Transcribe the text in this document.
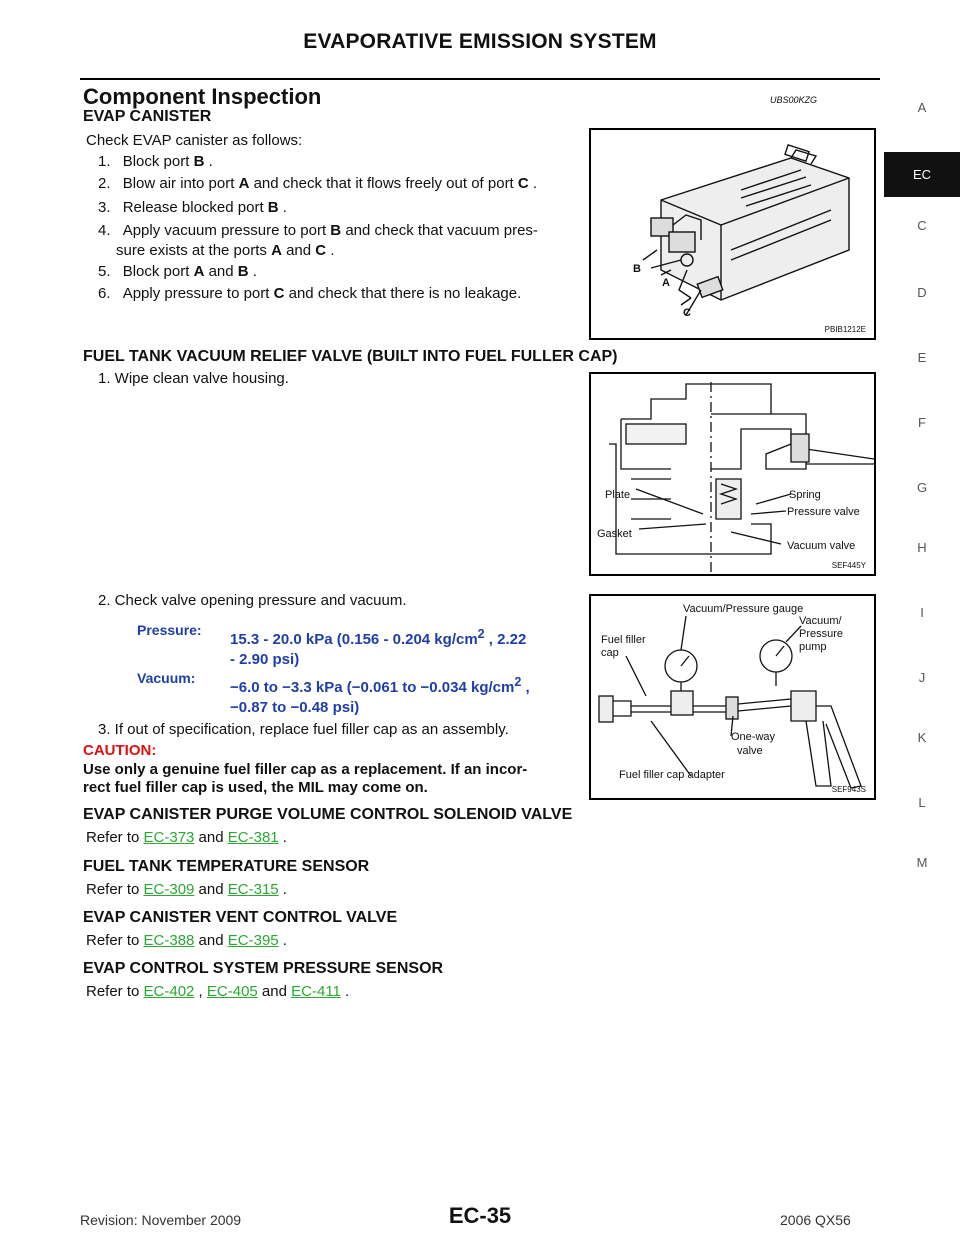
EVAPORATIVE EMISSION SYSTEM
Component Inspection	UBS00KZG
EVAP CANISTER
Check EVAP canister as follows:
1. Block port B .
2. Blow air into port A and check that it flows freely out of port C .
3. Release blocked port B .
4. Apply vacuum pressure to port B and check that vacuum pres-
5. Block port A and B .
6. Apply pressure to port C and check that there is no leakage.
sure exists at the ports A and C .
B
A
C
PBIB1212E
FUEL TANK VACUUM RELIEF VALVE (BUILT INTO FUEL FULLER CAP)
1. Wipe clean valve housing.
Plate	Spring
Pressure valve
Gasket
Vacuum valve
SEF445Y
2. Check valve opening pressure and vacuum.
Pressure:
15.3 - 20.0 kPa (0.156 - 0.204 $kg/cm^2$ , 2.22
- 2.90 psi)
Vacuum:
−6.0 to −3.3 kPa (−0.061 to −0.034 $kg/cm^2$ ,
−0.87 to −0.48 psi)
3. If out of specification, replace fuel filler cap as an assembly.
CAUTION:
Use only a genuine fuel filler cap as a replacement. If an incor-
rect fuel filler cap is used, the MIL may come on.
Vacuum/Pressure gauge
Fuel filler
cap
Vacuum/
Pressure
pump
One-way
valve
Fuel filler cap adapter
SEF943S
EVAP CANISTER PURGE VOLUME CONTROL SOLENOID VALVE
Refer to EC-373 and EC-381 .
FUEL TANK TEMPERATURE SENSOR
Refer to EC-309 and EC-315 .
EVAP CANISTER VENT CONTROL VALVE
Refer to EC-388 and EC-395 .
EVAP CONTROL SYSTEM PRESSURE SENSOR
Refer to EC-402 , EC-405 and EC-411 .
A
EC
C
D
E
F
G
H
I
J
K
L
M
Revision: November 2009	EC-35	2006 QX56
